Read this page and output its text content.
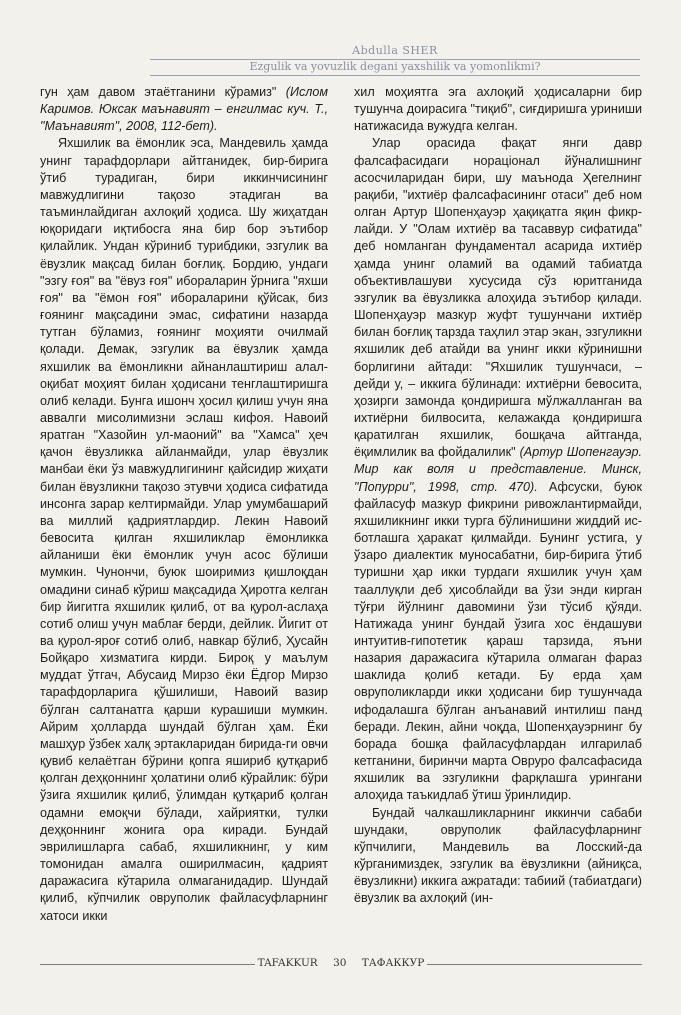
Abdulla SHER
Ezgulik va yovuzlik degani yaxshilik va yomonlikmi?

гун ҳам давом этаётганини кўрамиз" (Ислом Каримов. Юксак маънавият – енгилмас куч. Т., "Маънавият", 2008, 112-бет).

Яхшилик ва ёмонлик эса, Мандевиль ҳамда унинг тарафдорлари айтганидек, бир-бирига ўтиб турадиган, бири иккинчисининг мавжудлигини тақозо этадиган ва таъминлайдиган ахлоқий ҳодиса. Шу жиҳатдан юқоридаги иқтибосга яна бир бор эътибор қилайлик. Ундан кўриниб турибдики, эзгулик ва ёвузлик мақсад билан боғлиқ. Бордию, ундаги "эзгу ғоя" ва "ёвуз ғоя" ибораларин ўрнига "яхши ғоя" ва "ёмон ғоя" ибораларини қўйсак, биз ғоянинг мақсадини эмас, сифатини назарда тутган бўламиз, ғоянинг моҳияти очилмай қолади. Демак, эзгулик ва ёвузлик ҳамда яхшилик ва ёмонликни айнанлаштириш алал-оқибат моҳият билан ҳодисани тенглаштиришга олиб келади. Бунга ишонч ҳосил қилиш учун яна аввалги мисолимизни эслаш кифоя. Навоий яратган "Хазойин ул-маоний" ва "Хамса" ҳеч қачон ёвузликка айланмайди, улар ёвузлик манбаи ёки ўз мавжудлигининг қайсидир жиҳати билан ёвузликни тақозо этувчи ҳодиса сифатида инсонга зарар келтирмайди. Улар умумбашарий ва миллий қадриятлардир. Лекин Навоий бевосита қилган яхшиликлар ёмонликка айланиши ёки ёмонлик учун асос бўлиши мумкин. Чунончи, буюк шоиримиз қишлоқдан омадини синаб кўриш мақсадида Ҳиротга келган бир йигитга яхшилик қилиб, от ва қурол-аслаҳа сотиб олиш учун маблағ берди, дейлик. Йигит от ва қурол-яроғ сотиб олиб, навкар бўлиб, Ҳусайн Бойқаро хизматига кирди. Бироқ у маълум муддат ўтгач, Абусаид Мирзо ёки Ёдгор Мирзо тарафдорларига қўшилиши, Навоий вазир бўлган салтанатга қарши курашиши мумкин. Айрим ҳолларда шундай бўлган ҳам. Ёки машҳур ўзбек халқ эртакларидан бирида-ги овчи қувиб келаётган бўрини қопга яшириб қутқариб қолган деҳқоннинг ҳолатини олиб кўрайлик: бўри ўзига яхшилик қилиб, ўлимдан қутқариб қолган одамни емоқчи бўлади, хайриятки, тулки деҳқоннинг жонига ора киради. Бундай эврилишларга сабаб, яхшиликнинг, у ким томонидан амалга оширилмасин, қадрият даражасига кўтарила олмаганидадир. Шундай қилиб, кўпчилик овруполик файласуфларнинг хатоси икки

хил моҳиятга эга ахлоқий ҳодисаларни бир тушунча доирасига "тиқиб", сиғдиришга уриниши натижасида вужудга келган.

Улар орасида фақат янги давр фалсафасидаги нораціонал йўналишнинг асосчиларидан бири, шу маънода Ҳегелнинг рақиби, "ихтиёр фалсафасининг отаси" деб ном олган Артур Шопенҳауэр ҳақиқатга яқин фикр-лайди. У "Олам ихтиёр ва тасаввур сифатида" деб номланган фундаментал асарида ихтиёр ҳамда унинг оламий ва одамий табиатда объективлашуви хусусида сўз юритганида эзгулик ва ёвузликка алоҳида эътибор қилади. Шопенҳауэр мазкур жуфт тушунчани ихтиёр билан боғлиқ тарзда таҳлил этар экан, эзгуликни яхшилик деб атайди ва унинг икки кўринишни борлигини айтади: "Яхшилик тушунчаси, – дейди у, – иккига бўлинади: ихтиёрни бевосита, ҳозирги замонда қондиришга мўлжалланган ва ихтиёрни билвосита, келажакда қондиришга қаратилган яхшилик, бошқача айтганда, ёқимлилик ва фойдалилик" (Артур Шопенгауэр. Мир как воля и представление. Минск, "Попурри", 1998, стр. 470). Афсуски, буюк файласуф мазкур фикрини ривожлантирмайди, яхшиликнинг икки турга бўлинишини жиддий ис-ботлашга ҳаракат қилмайди. Бунинг устига, у ўзаро диалектик муносабатни, бир-бирига ўтиб туришни ҳар икки турдаги яхшилик учун ҳам тааллуқли деб ҳисоблайди ва ўзи энди кирган тўғри йўлнинг давомини ўзи тўсиб қўяди. Натижада унинг бундай ўзига хос ёндашуви интуитив-гипотетик қараш тарзида, яъни назария даражасига кўтарила олмаган фараз шаклида қолиб кетади. Бу ерда ҳам овруполикларди икки ҳодисани бир тушунчада ифодалашга бўлган анъанавий интилиш панд беради. Лекин, айни чоқда, Шопенҳауэрнинг бу борада бошқа файласуфлардан илгарилаб кетганини, биринчи марта Овруро фалсафасида яхшилик ва эзгуликни фарқлашга урингани алоҳида таъкидлаб ўтиш ўринлидир.

Бундай чалкашликларнинг иккинчи сабаби шундаки, овруполик файласуфларнинг кўпчилиги, Мандевиль ва Лосский-да кўрганимиздек, эзгулик ва ёвузликни (айниқса, ёвузликни) иккига ажратади: табиий (табиатдаги) ёвузлик ва ахлоқий (ин-

TAFAKKUR 30 ТАФАККУР
